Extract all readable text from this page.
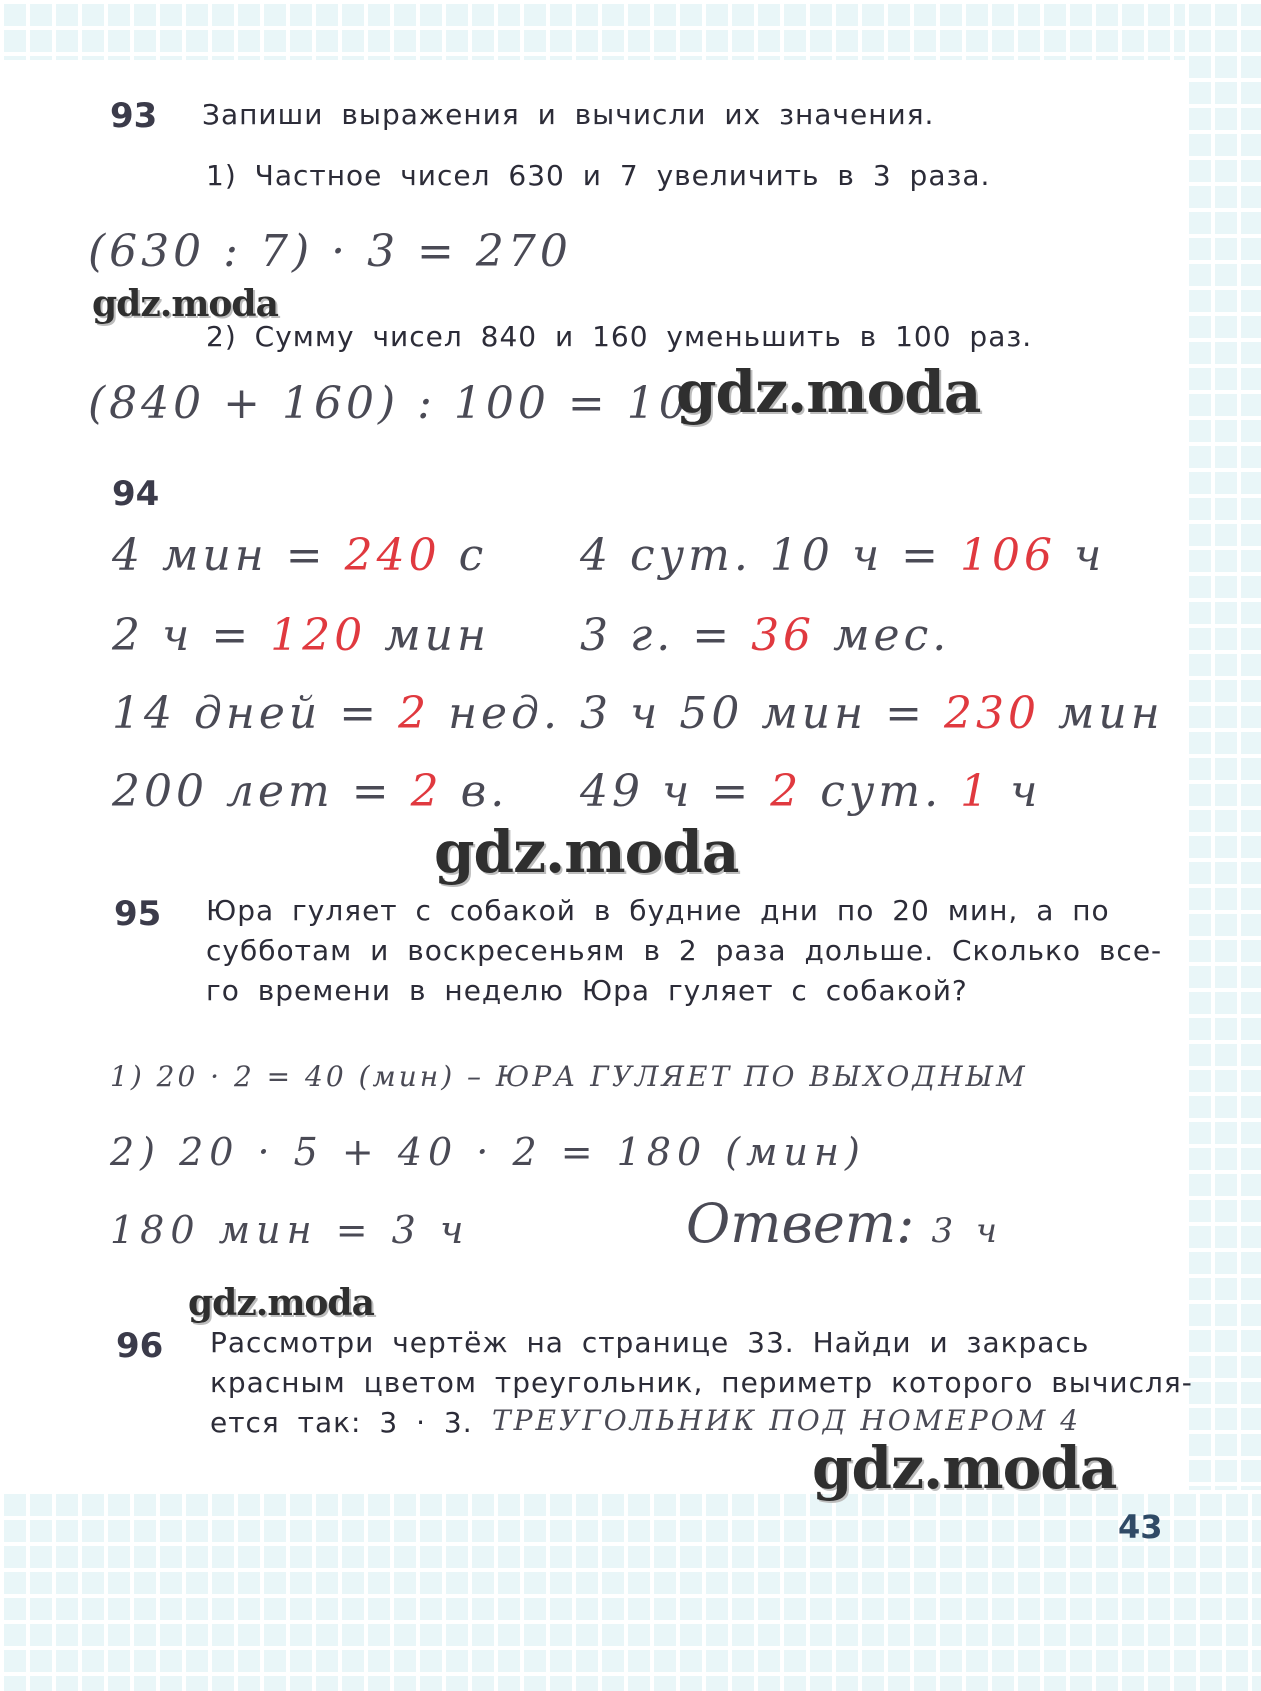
93 Запиши выражения и вычисли их значения.
1) Частное чисел 630 и 7 увеличить в 3 раза.
(630 : 7) · 3 = 270
gdz.moda
2) Сумму чисел 840 и 160 уменьшить в 100 раз.
(840 + 160) : 100 = 10
gdz.moda
94
4 мин = 240 с 4 сут. 10 ч = 106 ч
2 ч = 120 мин 3 г. = 36 мес.
14 дней = 2 нед. 3 ч 50 мин = 230 мин
200 лет = 2 в. 49 ч = 2 сут. 1 ч
gdz.moda
95 Юра гуляет с собакой в будние дни по 20 мин, а по
субботам и воскресеньям в 2 раза дольше. Сколько все-
го времени в неделю Юра гуляет с собакой?
1) 20 · 2 = 40 (мин) – ЮРА ГУЛЯЕТ ПО ВЫХОДНЫМ
2) 20 · 5 + 40 · 2 = 180 (мин)
180 мин = 3 ч	Ответ: 3 ч
gdz.moda
96 Рассмотри чертёж на странице 33. Найди и закрась
красным цветом треугольник, периметр которого вычисля-
ется так: 3 · 3. ТРЕУГОЛЬНИК ПОД НОМЕРОМ 4
gdz.moda
43
